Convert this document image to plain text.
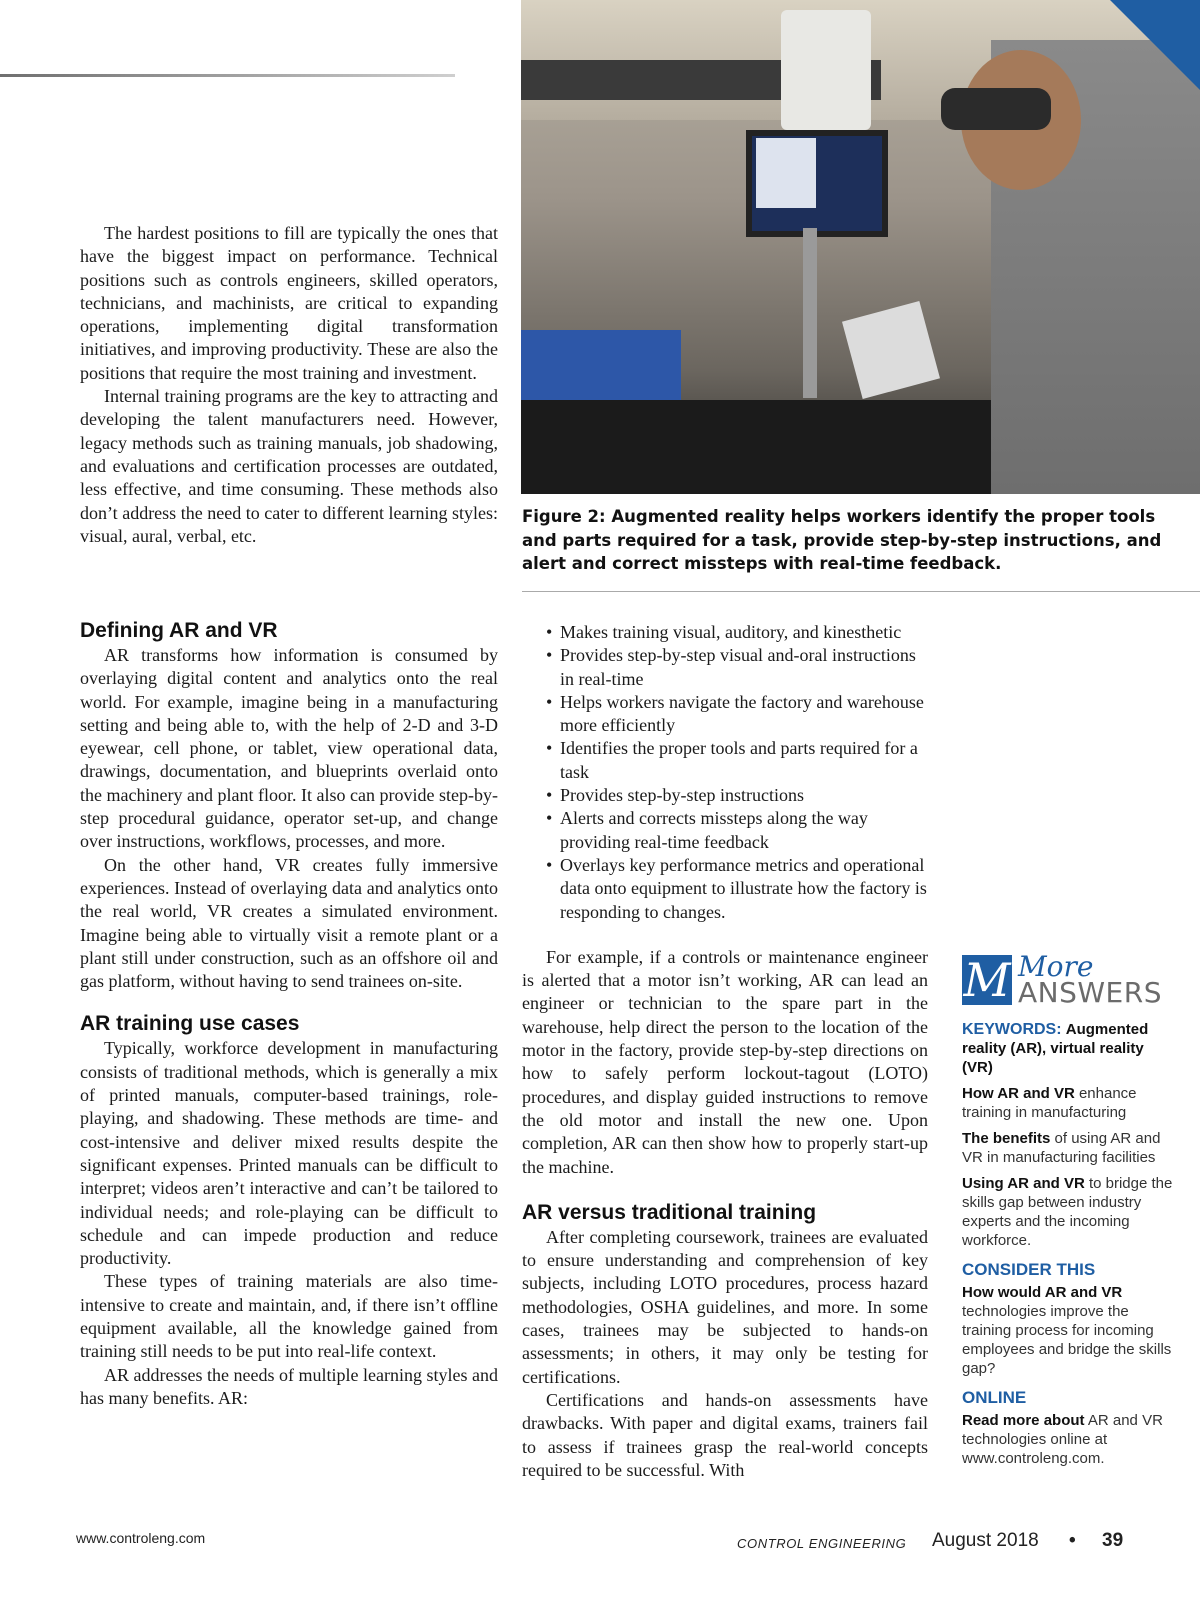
Figure 2: Augmented reality helps workers identify the proper tools and parts required for a task, provide step-by-step instructions, and alert and correct missteps with real-time feedback.

The hardest positions to fill are typically the ones that have the biggest impact on performance. Technical positions such as controls engineers, skilled operators, technicians, and machinists, are critical to expanding operations, implementing digital transformation initiatives, and improving productivity. These are also the positions that require the most training and investment.

Internal training programs are the key to attracting and developing the talent manufacturers need. However, legacy methods such as training manuals, job shadowing, and evaluations and certification processes are outdated, less effective, and time consuming. These methods also don’t address the need to cater to different learning styles: visual, aural, verbal, etc.

Defining AR and VR

AR transforms how information is consumed by overlaying digital content and analytics onto the real world. For example, imagine being in a manufacturing setting and being able to, with the help of 2-D and 3-D eyewear, cell phone, or tablet, view operational data, drawings, documentation, and blueprints overlaid onto the machinery and plant floor. It also can provide step-by-step procedural guidance, operator set-up, and change over instructions, workflows, processes, and more.

On the other hand, VR creates fully immersive experiences. Instead of overlaying data and analytics onto the real world, VR creates a simulated environment. Imagine being able to virtually visit a remote plant or a plant still under construction, such as an offshore oil and gas platform, without having to send trainees on-site.

AR training use cases

Typically, workforce development in manufacturing consists of traditional methods, which is generally a mix of printed manuals, computer-based trainings, role-playing, and shadowing. These methods are time- and cost-intensive and deliver mixed results despite the significant expenses. Printed manuals can be difficult to interpret; videos aren’t interactive and can’t be tailored to individual needs; and role-playing can be difficult to schedule and can impede production and reduce productivity.

These types of training materials are also time-intensive to create and maintain, and, if there isn’t offline equipment available, all the knowledge gained from training still needs to be put into real-life context.

AR addresses the needs of multiple learning styles and has many benefits. AR:

• Makes training visual, auditory, and kinesthetic
• Provides step-by-step visual and-oral instructions in real-time
• Helps workers navigate the factory and warehouse more efficiently
• Identifies the proper tools and parts required for a task
• Provides step-by-step instructions
• Alerts and corrects missteps along the way providing real-time feedback
• Overlays key performance metrics and operational data onto equipment to illustrate how the factory is responding to changes.

For example, if a controls or maintenance engineer is alerted that a motor isn’t working, AR can lead an engineer or technician to the spare part in the warehouse, help direct the person to the location of the motor in the factory, provide step-by-step directions on how to safely perform lockout-tagout (LOTO) procedures, and display guided instructions to remove the old motor and install the new one. Upon completion, AR can then show how to properly start-up the machine.

AR versus traditional training

After completing coursework, trainees are evaluated to ensure understanding and comprehension of key subjects, including LOTO procedures, process hazard methodologies, OSHA guidelines, and more. In some cases, trainees may be subjected to hands-on assessments; in others, it may only be testing for certifications.

Certifications and hands-on assessments have drawbacks. With paper and digital exams, trainers fail to assess if trainees grasp the real-world concepts required to be successful. With

M More
ANSWERS
KEYWORDS: Augmented reality (AR), virtual reality (VR)
How AR and VR enhance training in manufacturing
The benefits of using AR and VR in manufacturing facilities
Using AR and VR to bridge the skills gap between industry experts and the incoming workforce.
CONSIDER THIS
How would AR and VR technologies improve the training process for incoming employees and bridge the skills gap?
ONLINE
Read more about AR and VR technologies online at www.controleng.com.
www.controleng.com	CONTROL ENGINEERING August 2018 • 39
